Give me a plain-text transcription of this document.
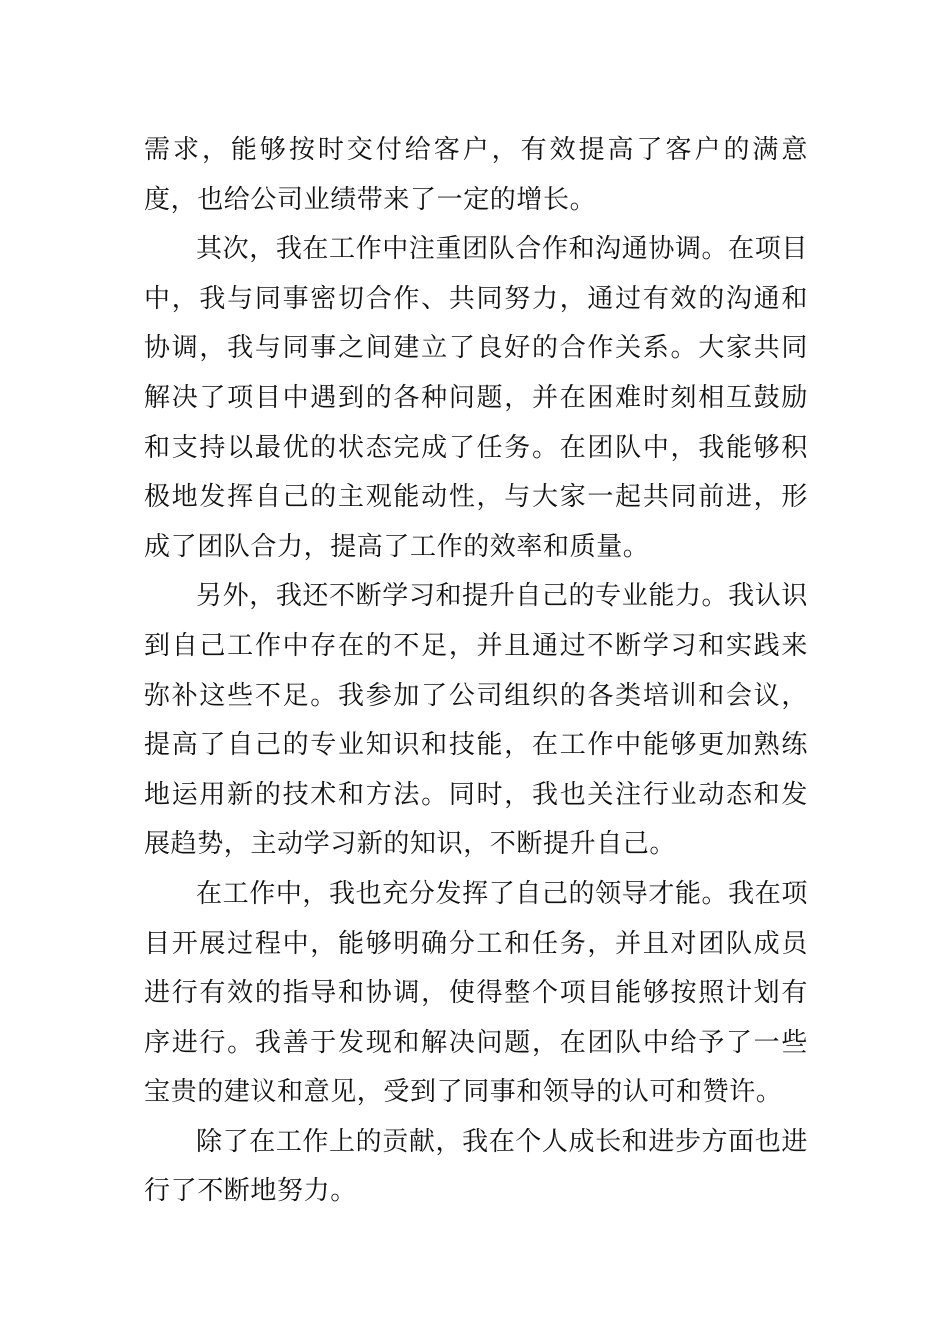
需求，能够按时交付给客户，有效提高了客户的满意度，也给公司业绩带来了一定的增长。

其次，我在工作中注重团队合作和沟通协调。在项目中，我与同事密切合作、共同努力，通过有效的沟通和协调，我与同事之间建立了良好的合作关系。大家共同解决了项目中遇到的各种问题，并在困难时刻相互鼓励和支持以最优的状态完成了任务。在团队中，我能够积极地发挥自己的主观能动性，与大家一起共同前进，形成了团队合力，提高了工作的效率和质量。

另外，我还不断学习和提升自己的专业能力。我认识到自己工作中存在的不足，并且通过不断学习和实践来弥补这些不足。我参加了公司组织的各类培训和会议，提高了自己的专业知识和技能，在工作中能够更加熟练地运用新的技术和方法。同时，我也关注行业动态和发展趋势，主动学习新的知识，不断提升自己。

在工作中，我也充分发挥了自己的领导才能。我在项目开展过程中，能够明确分工和任务，并且对团队成员进行有效的指导和协调，使得整个项目能够按照计划有序进行。我善于发现和解决问题，在团队中给予了一些宝贵的建议和意见，受到了同事和领导的认可和赞许。

除了在工作上的贡献，我在个人成长和进步方面也进行了不断地努力。
